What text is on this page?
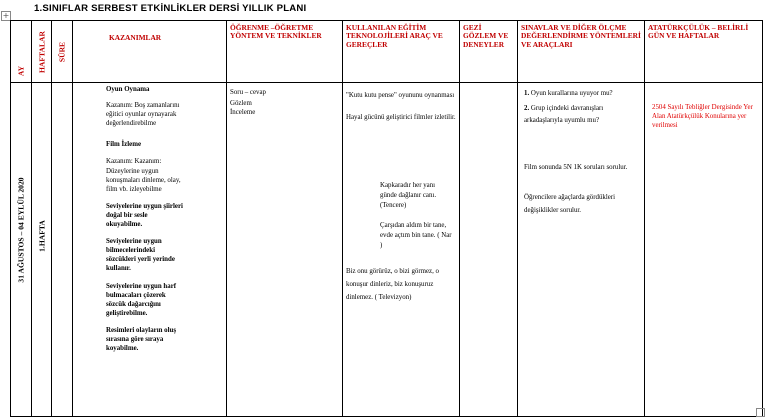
+
1.SINIFLAR SERBEST ETKİNLİKLER DERSİ YILLIK PLANI
AY HAFTALAR SÜRE
KAZANIMLAR
ÖĞRENME –ÖĞRETME YÖNTEM VE TEKNİKLER
KULLANILAN EĞİTİM TEKNOLOJİLERİ ARAÇ VE GEREÇLER
GEZİ GÖZLEM VE DENEYLER
SINAVLAR VE DİĞER ÖLÇME DEĞERLENDİRME YÖNTEMLERİ VE ARAÇLARI
ATATÜRKÇÜLÜK – BELİRLİ GÜN VE HAFTALAR
31 AĞUSTOS – 04 EYLÜL 2020 1.HAFTA

Oyun Oynama

Kazanım: Boş zamanlarını eğitici oyunlar oynayarak değerlendirebilme

Film İzleme

Kazanım: Kazanım: Düzeylerine uygun konuşmaları dinleme, olay, film vb. izleyebilme

Seviyelerine uygun şiirleri doğal bir sesle okuyabilme.

Seviyelerine uygun bilmecelerindeki sözcükleri yerli yerinde kullanır.

Seviyelerine uygun harf bulmacaları çözerek sözcük dağarcığını geliştirebilme.

Resimleri olayların oluş sırasına göre sıraya koyabilme.

Soru – cevap

Gözlem

İnceleme

"Kutu kutu pense" oyununu oynanması

Hayal gücünü geliştirici filmler izletilir.

Kapkaradır her yanı günde dağlanır canı. (Tencere)

Çarşıdan aldım bir tane, evde açtım bin tane. ( Nar )

Biz onu görürüz, o bizi görmez, o konuşur dinleriz, biz konuşuruz dinlemez. ( Televizyon)

1. Oyun kurallarına uyuyor mu?

2. Grup içindeki davranışları arkadaşlarıyla uyumlu mu?

Film sonunda 5N 1K soruları sorulur.

Öğrencilere ağaçlarda gördükleri değişiklikler sorulur.

2504 Sayılı Tebliğler Dergisinde Yer Alan Atatürkçülük Konularına yer verilmesi
